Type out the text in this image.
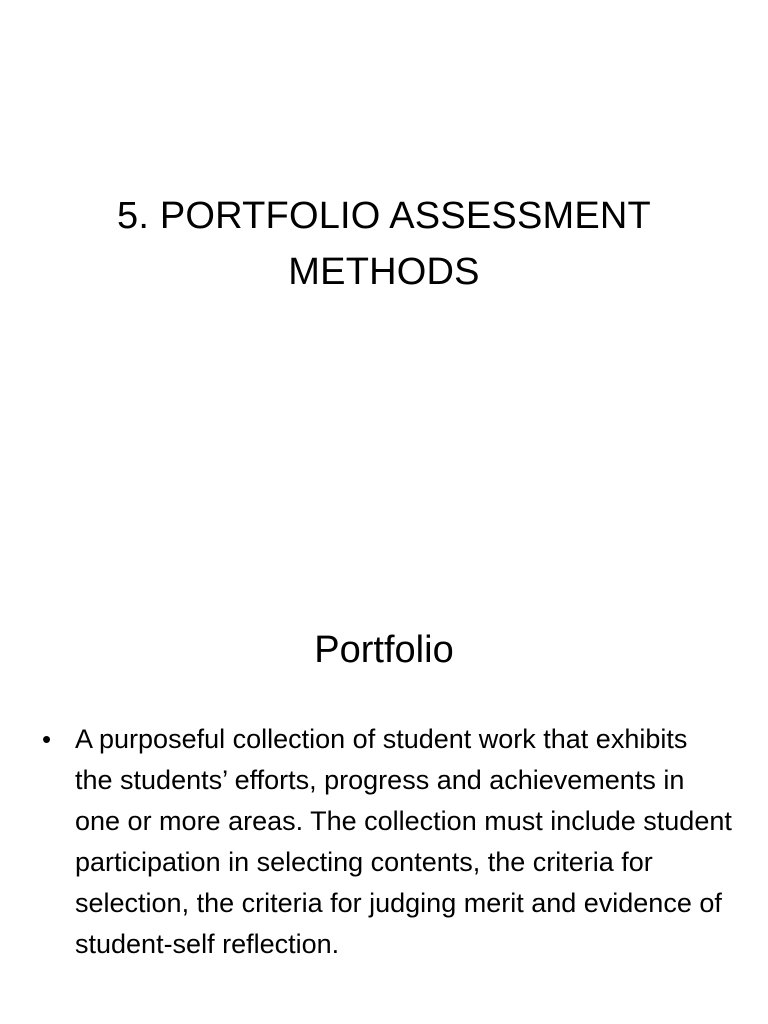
5. PORTFOLIO ASSESSMENT
METHODS
Portfolio
• A purposeful collection of student work that exhibits the students’ efforts, progress and achievements in one or more areas. The collection must include student participation in selecting contents, the criteria for selection, the criteria for judging merit and evidence of student-self reflection.
